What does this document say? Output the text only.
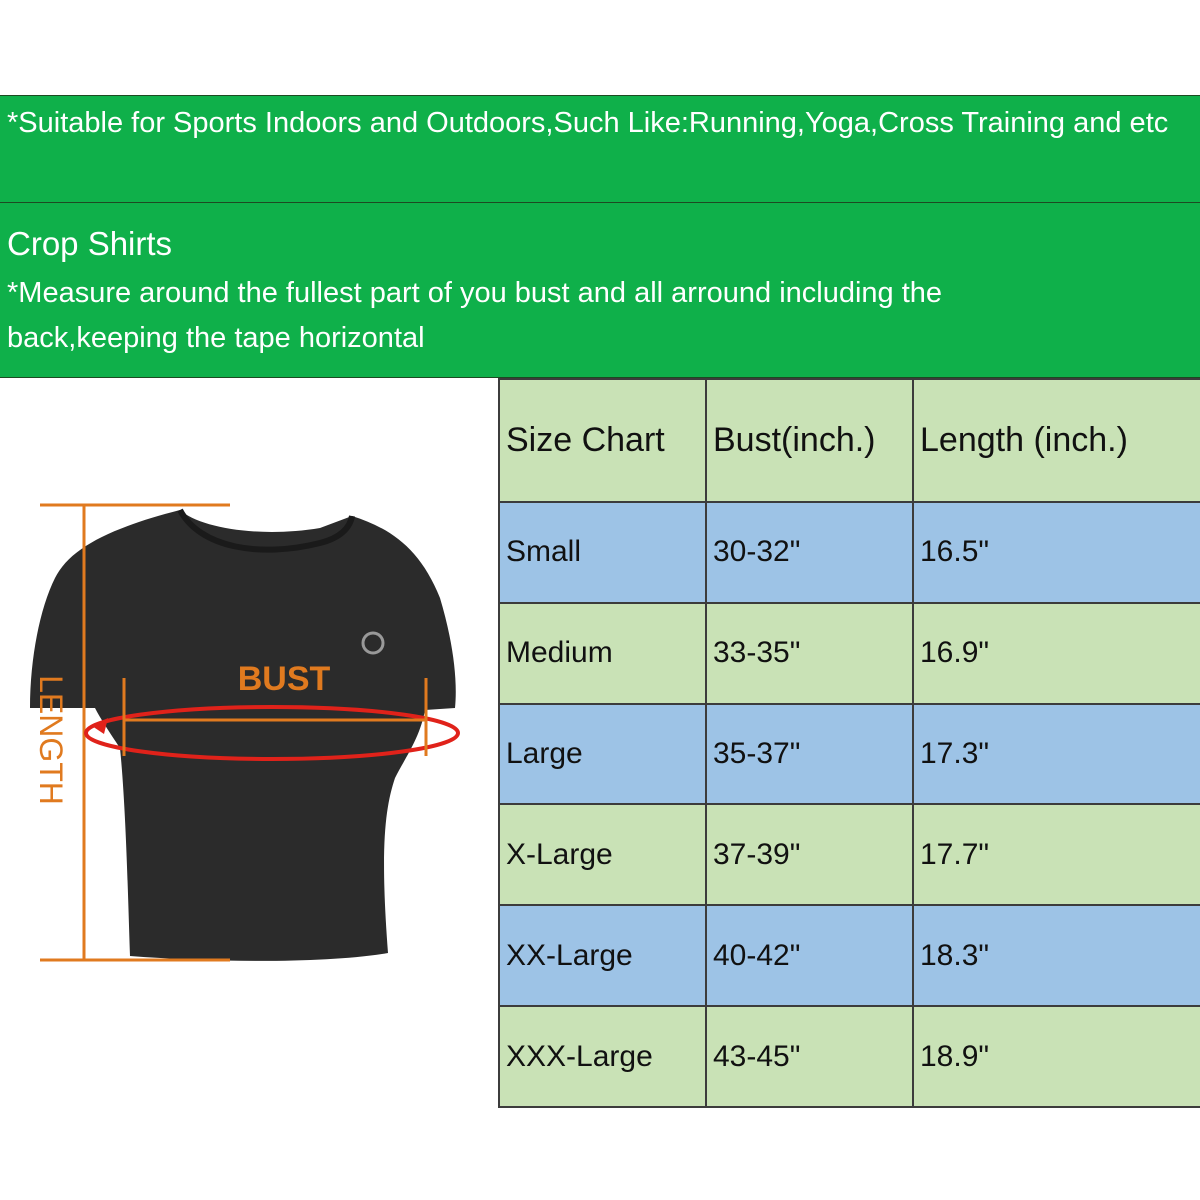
*Suitable for Sports Indoors and Outdoors,Such Like:Running,Yoga,Cross Training and etc

Crop Shirts

*Measure around the fullest part of you bust and all arround including the

back,keeping the tape horizontal

LENGTH	BUST
Size Chart	Bust(inch.)	Length (inch.)
Small	30-32"	16.5"
Medium	33-35"	16.9"
Large	35-37"	17.3"
X-Large	37-39"	17.7"
XX-Large	40-42"	18.3"
XXX-Large	43-45"	18.9"
